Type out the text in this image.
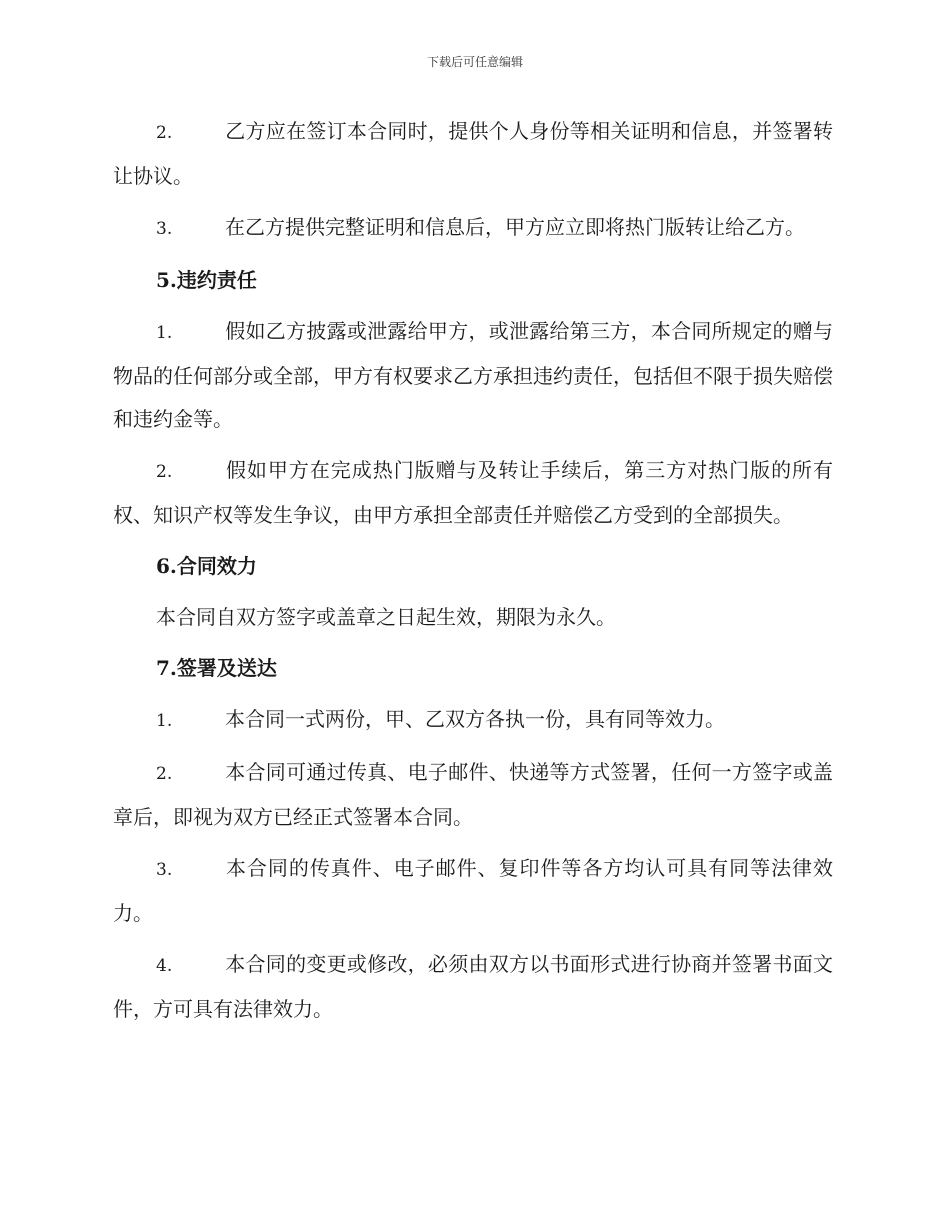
下载后可任意编辑
2.	乙方应在签订本合同时，提供个人身份等相关证明和信息，并签署转让协议。
3.	在乙方提供完整证明和信息后，甲方应立即将热门版转让给乙方。
5.违约责任
1.	假如乙方披露或泄露给甲方，或泄露给第三方，本合同所规定的赠与物品的任何部分或全部，甲方有权要求乙方承担违约责任，包括但不限于损失赔偿和违约金等。
2.	假如甲方在完成热门版赠与及转让手续后，第三方对热门版的所有权、知识产权等发生争议，由甲方承担全部责任并赔偿乙方受到的全部损失。
6.合同效力
本合同自双方签字或盖章之日起生效，期限为永久。
7.签署及送达
1.	本合同一式两份，甲、乙双方各执一份，具有同等效力。
2.	本合同可通过传真、电子邮件、快递等方式签署，任何一方签字或盖章后，即视为双方已经正式签署本合同。
3.	本合同的传真件、电子邮件、复印件等各方均认可具有同等法律效力。
4.	本合同的变更或修改，必须由双方以书面形式进行协商并签署书面文件，方可具有法律效力。
